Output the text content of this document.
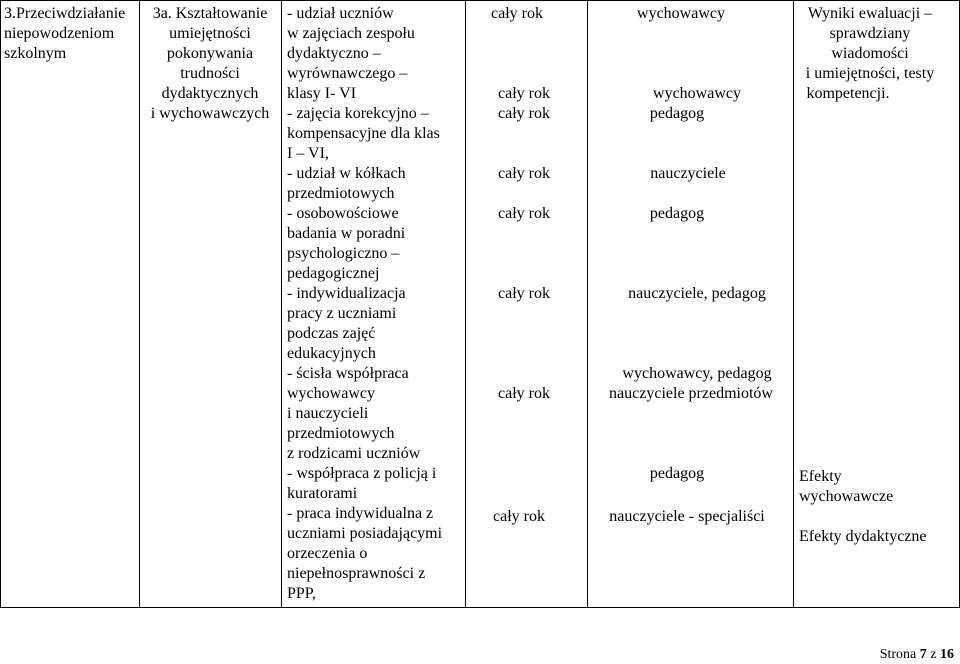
3.Przeciwdziałanie
niepowodzeniom
szkolnym
3a. Kształtowanie
umiejętności
pokonywania
trudności
dydaktycznych
i wychowawczych
- udział uczniów
w zajęciach zespołu
dydaktyczno –
wyrównawczego –
klasy I- VI
- zajęcia korekcyjno –
kompensacyjne dla klas
I – VI,
- udział w kółkach
przedmiotowych
- osobowościowe
badania w poradni
psychologiczno –
pedagogicznej
- indywidualizacja
pracy z uczniami
podczas zajęć
edukacyjnych
- ścisła współpraca
wychowawcy
i nauczycieli
przedmiotowych
z rodzicami uczniów
- współpraca z policją i
kuratorami
- praca indywidualna z
uczniami posiadającymi
orzeczenia o
niepełnosprawności z
PPP,
cały rok
cały rok
cały rok
cały rok
cały rok
cały rok
cały rok
cały rok
wychowawcy
wychowawcy
pedagog
nauczyciele
pedagog
nauczyciele, pedagog
wychowawcy, pedagog
nauczyciele przedmiotów
pedagog
nauczyciele - specjaliści
Wyniki ewaluacji –
sprawdziany
wiadomości
i umiejętności, testy
kompetencji.
Efekty
wychowawcze
Efekty dydaktyczne
Strona 7 z 16
